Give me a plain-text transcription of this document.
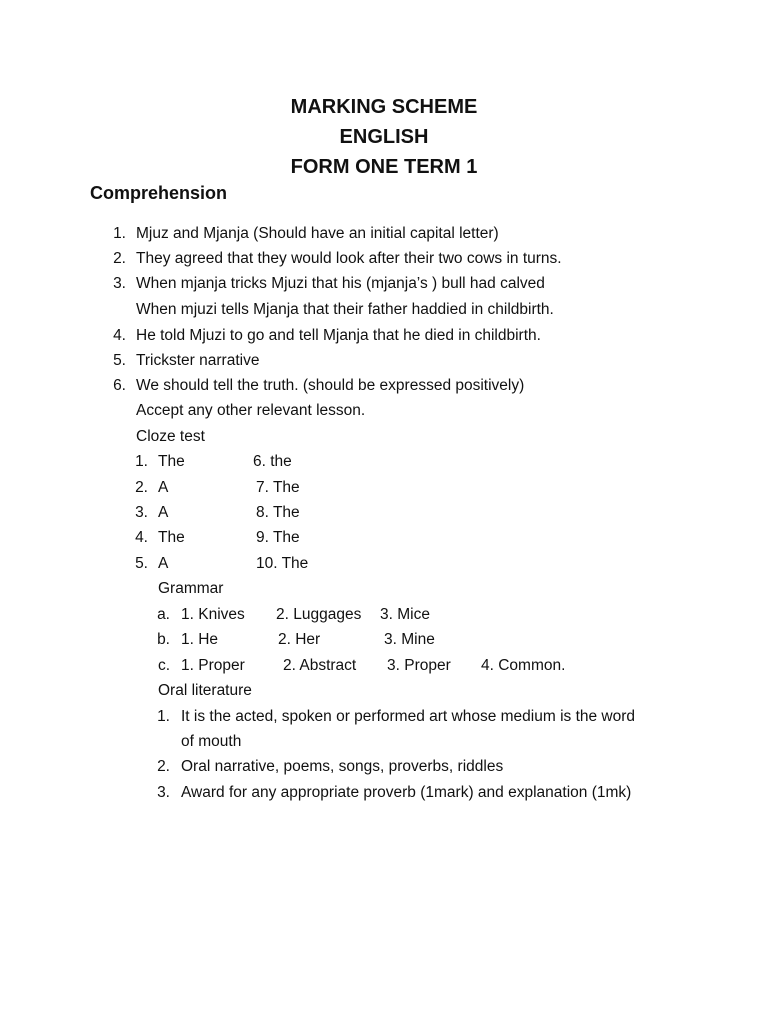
MARKING SCHEME
ENGLISH
FORM ONE TERM 1
Comprehension
1. Mjuz and Mjanja (Should have an initial capital letter)
2. They agreed that they would look after their two cows in turns.
3. When mjanja tricks Mjuzi that his (mjanja’s ) bull had calved
When mjuzi tells Mjanja that their father haddied in childbirth.
4. He told Mjuzi to go and tell Mjanja that he died in childbirth.
5. Trickster narrative
6. We should tell the truth. (should be expressed positively)
Accept any other relevant lesson.
Cloze test
1. The	6. the
2. A	7. The
3. A	8. The
4. The	9. The
5. A	10. The
Grammar
a. 1. Knives 2. Luggages 3. Mice
b. 1. He	2. Her	3. Mine
c. 1. Proper 2. Abstract 3. Proper 4. Common.
Oral literature
1. It is the acted, spoken or performed art whose medium is the word
of mouth
2. Oral narrative, poems, songs, proverbs, riddles
3. Award for any appropriate proverb (1mark) and explanation (1mk)
